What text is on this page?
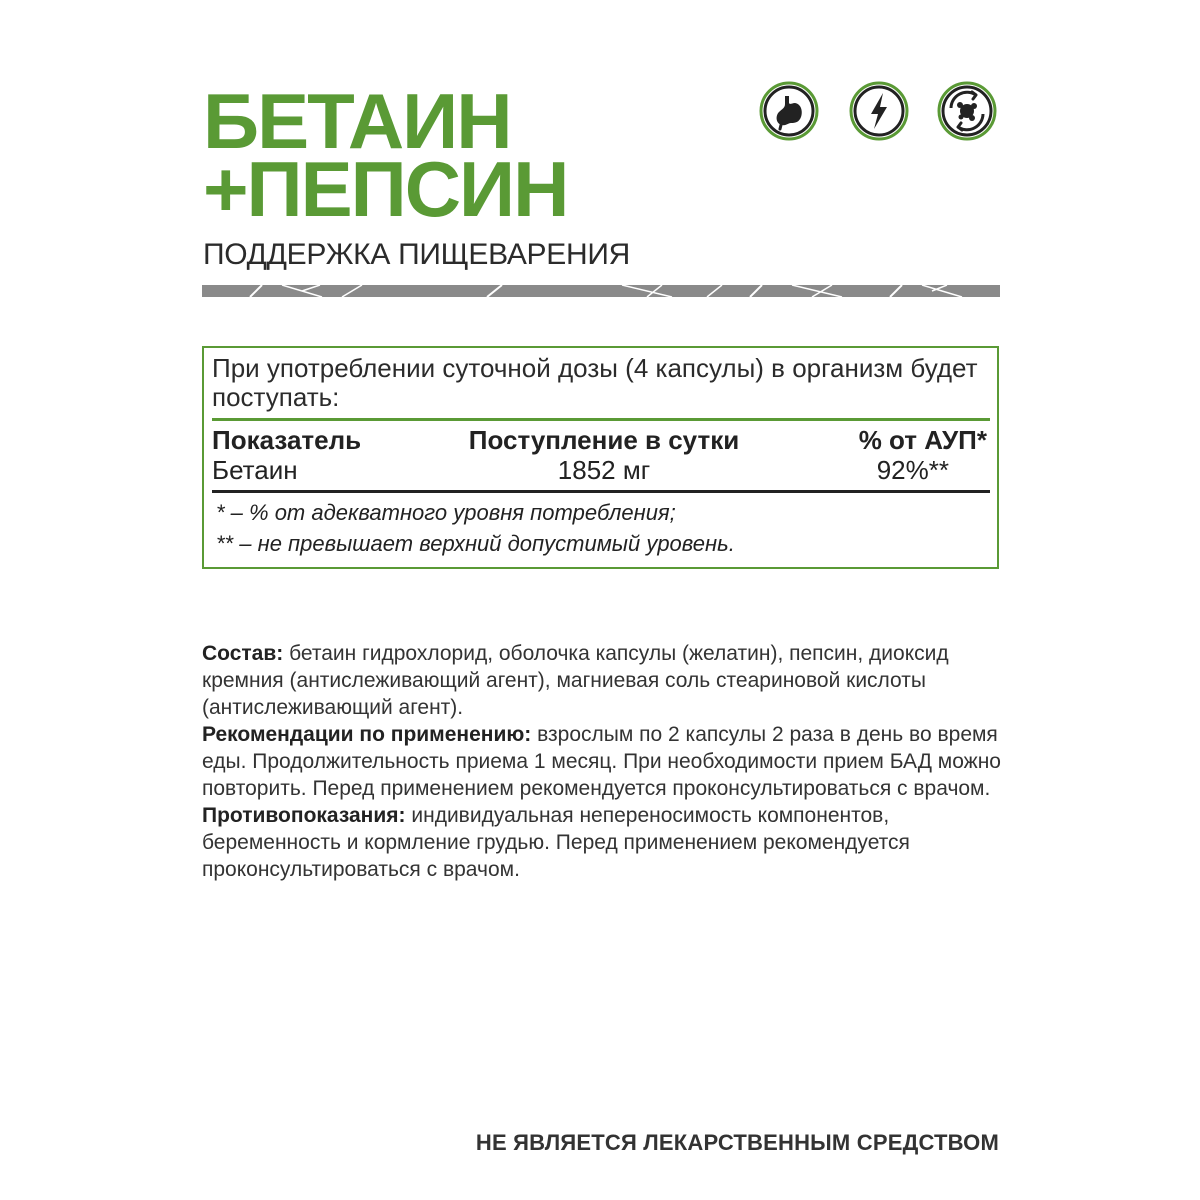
БЕТАИН
+ПЕПСИН
ПОДДЕРЖКА ПИЩЕВАРЕНИЯ
При употреблении суточной дозы (4 капсулы) в организм будет поступать:
Показатель	Поступление в сутки	% от АУП*
Бетаин	1852 мг	92%**
* – % от адекватного уровня потребления;
** – не превышает верхний допустимый уровень.

Состав: бетаин гидрохлорид, оболочка капсулы (желатин), пепсин, диоксид кремния (антислеживающий агент), магниевая соль стеариновой кислоты (антислеживающий агент).

Рекомендации по применению: взрослым по 2 капсулы 2 раза в день во время еды. Продолжительность приема 1 месяц. При необходимости прием БАД можно повторить. Перед применением рекомендуется проконсультироваться с врачом.

Противопоказания: индивидуальная непереносимость компонентов, беременность и кормление грудью. Перед применением рекомендуется проконсультироваться с врачом.

НЕ ЯВЛЯЕТСЯ ЛЕКАРСТВЕННЫМ СРЕДСТВОМ
